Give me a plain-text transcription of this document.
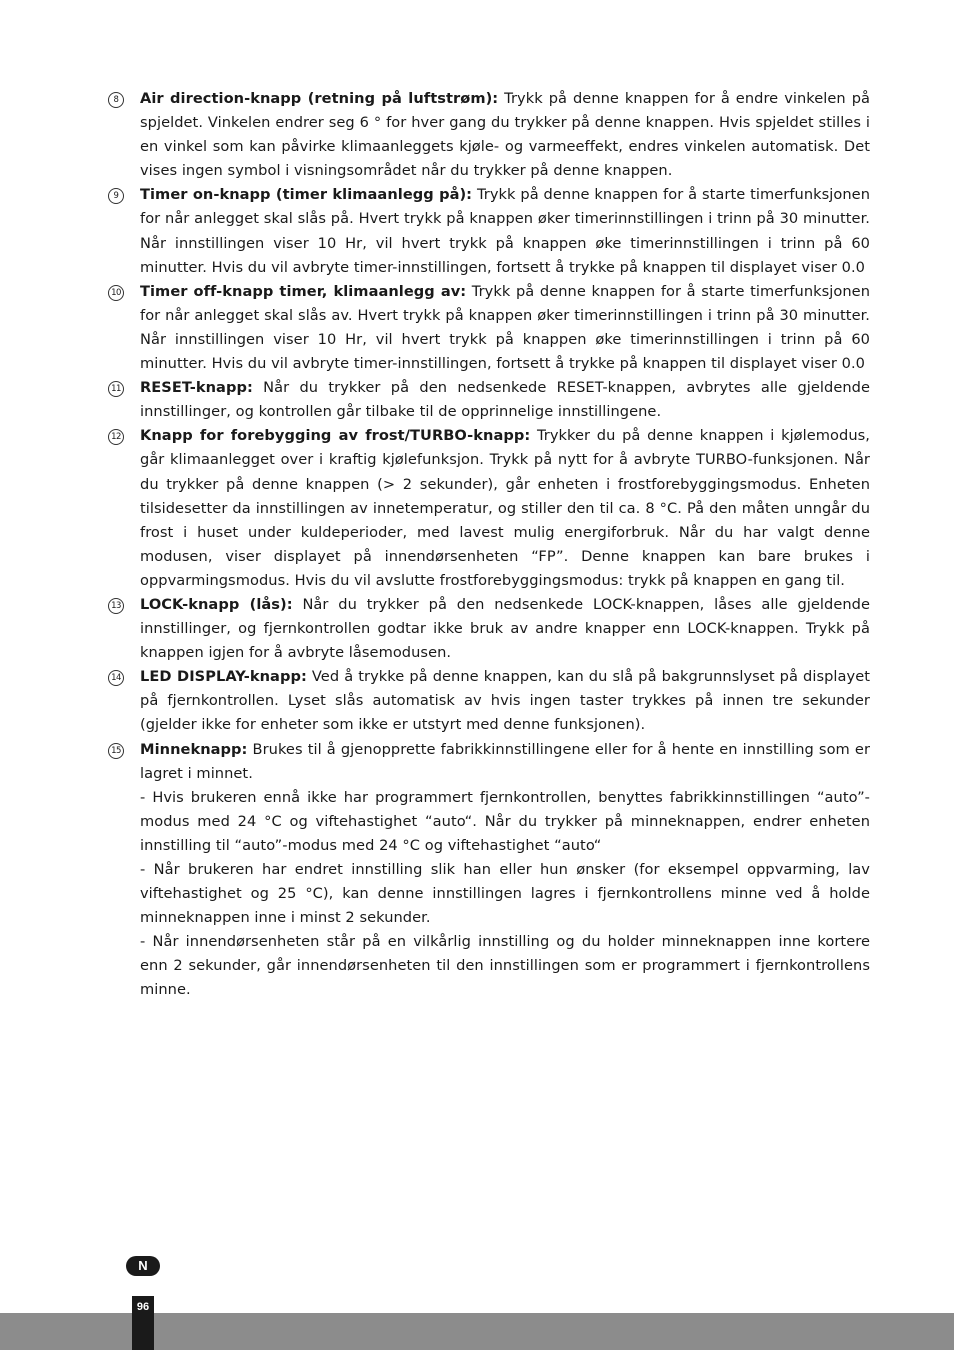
8	Air direction-knapp (retning på luftstrøm): Trykk på denne knappen for å endre vinkelen på spjeldet. Vinkelen endrer seg 6 ° for hver gang du trykker på denne knappen. Hvis spjeldet stilles i en vinkel som kan påvirke klimaanleggets kjøle- og varmeeffekt, endres vinkelen automatisk. Det vises ingen symbol i visningsområdet når du trykker på denne knappen.
9	Timer on-knapp (timer klimaanlegg på): Trykk på denne knappen for å starte timerfunksjonen for når anlegget skal slås på. Hvert trykk på knappen øker timerinnstillingen i trinn på 30 minutter. Når innstillingen viser 10 Hr, vil hvert trykk på knappen øke timerinnstillingen i trinn på 60 minutter. Hvis du vil avbryte timer-innstillingen, fortsett å trykke på knappen til displayet viser 0.0
10 Timer off-knapp timer, klimaanlegg av: Trykk på denne knappen for å starte timerfunksjonen for når anlegget skal slås av. Hvert trykk på knappen øker timerinnstillingen i trinn på 30 minutter. Når innstillingen viser 10 Hr, vil hvert trykk på knappen øke timerinnstillingen i trinn på 60 minutter. Hvis du vil avbryte timer-innstillingen, fortsett å trykke på knappen til displayet viser 0.0
11 RESET-knapp: Når du trykker på den nedsenkede RESET-knappen, avbrytes alle gjeldende innstillinger, og kontrollen går tilbake til de opprinnelige innstillingene.
12 Knapp for forebygging av frost/TURBO-knapp: Trykker du på denne knappen i kjølemodus, går klimaanlegget over i kraftig kjølefunksjon. Trykk på nytt for å avbryte TURBO-funksjonen. Når du trykker på denne knappen (> 2 sekunder), går enheten i frostforebyggingsmodus. Enheten tilsidesetter da innstillingen av innetemperatur, og stiller den til ca. 8 °C. På den måten unngår du frost i huset under kuldeperioder, med lavest mulig energiforbruk. Når du har valgt denne modusen, viser displayet på innendørsenheten “FP”. Denne knappen kan bare brukes i oppvarmingsmodus. Hvis du vil avslutte frostforebyggingsmodus: trykk på knappen en gang til.
13 LOCK-knapp (lås): Når du trykker på den nedsenkede LOCK-knappen, låses alle gjeldende innstillinger, og fjernkontrollen godtar ikke bruk av andre knapper enn LOCK-knappen. Trykk på knappen igjen for å avbryte låsemodusen.
14 LED DISPLAY-knapp: Ved å trykke på denne knappen, kan du slå på bakgrunnslyset på displayet på fjernkontrollen. Lyset slås automatisk av hvis ingen taster trykkes på innen tre sekunder (gjelder ikke for enheter som ikke er utstyrt med denne funksjonen).
15 Minneknapp: Brukes til å gjenopprette fabrikkinnstillingene eller for å hente en innstilling som er lagret i minnet.
- Hvis brukeren ennå ikke har programmert fjernkontrollen, benyttes fabrikkinnstillingen “auto”-modus med 24 °C og viftehastighet “auto“. Når du trykker på minneknappen, endrer enheten innstilling til “auto”-modus med 24 °C og viftehastighet “auto“
- Når brukeren har endret innstilling slik han eller hun ønsker (for eksempel oppvarming, lav viftehastighet og 25 °C), kan denne innstillingen lagres i fjernkontrollens minne ved å holde minneknappen inne i minst 2 sekunder.
- Når innendørsenheten står på en vilkårlig innstilling og du holder minneknappen inne kortere enn 2 sekunder, går innendørsenheten til den innstillingen som er programmert i fjernkontrollens minne.
N
96
